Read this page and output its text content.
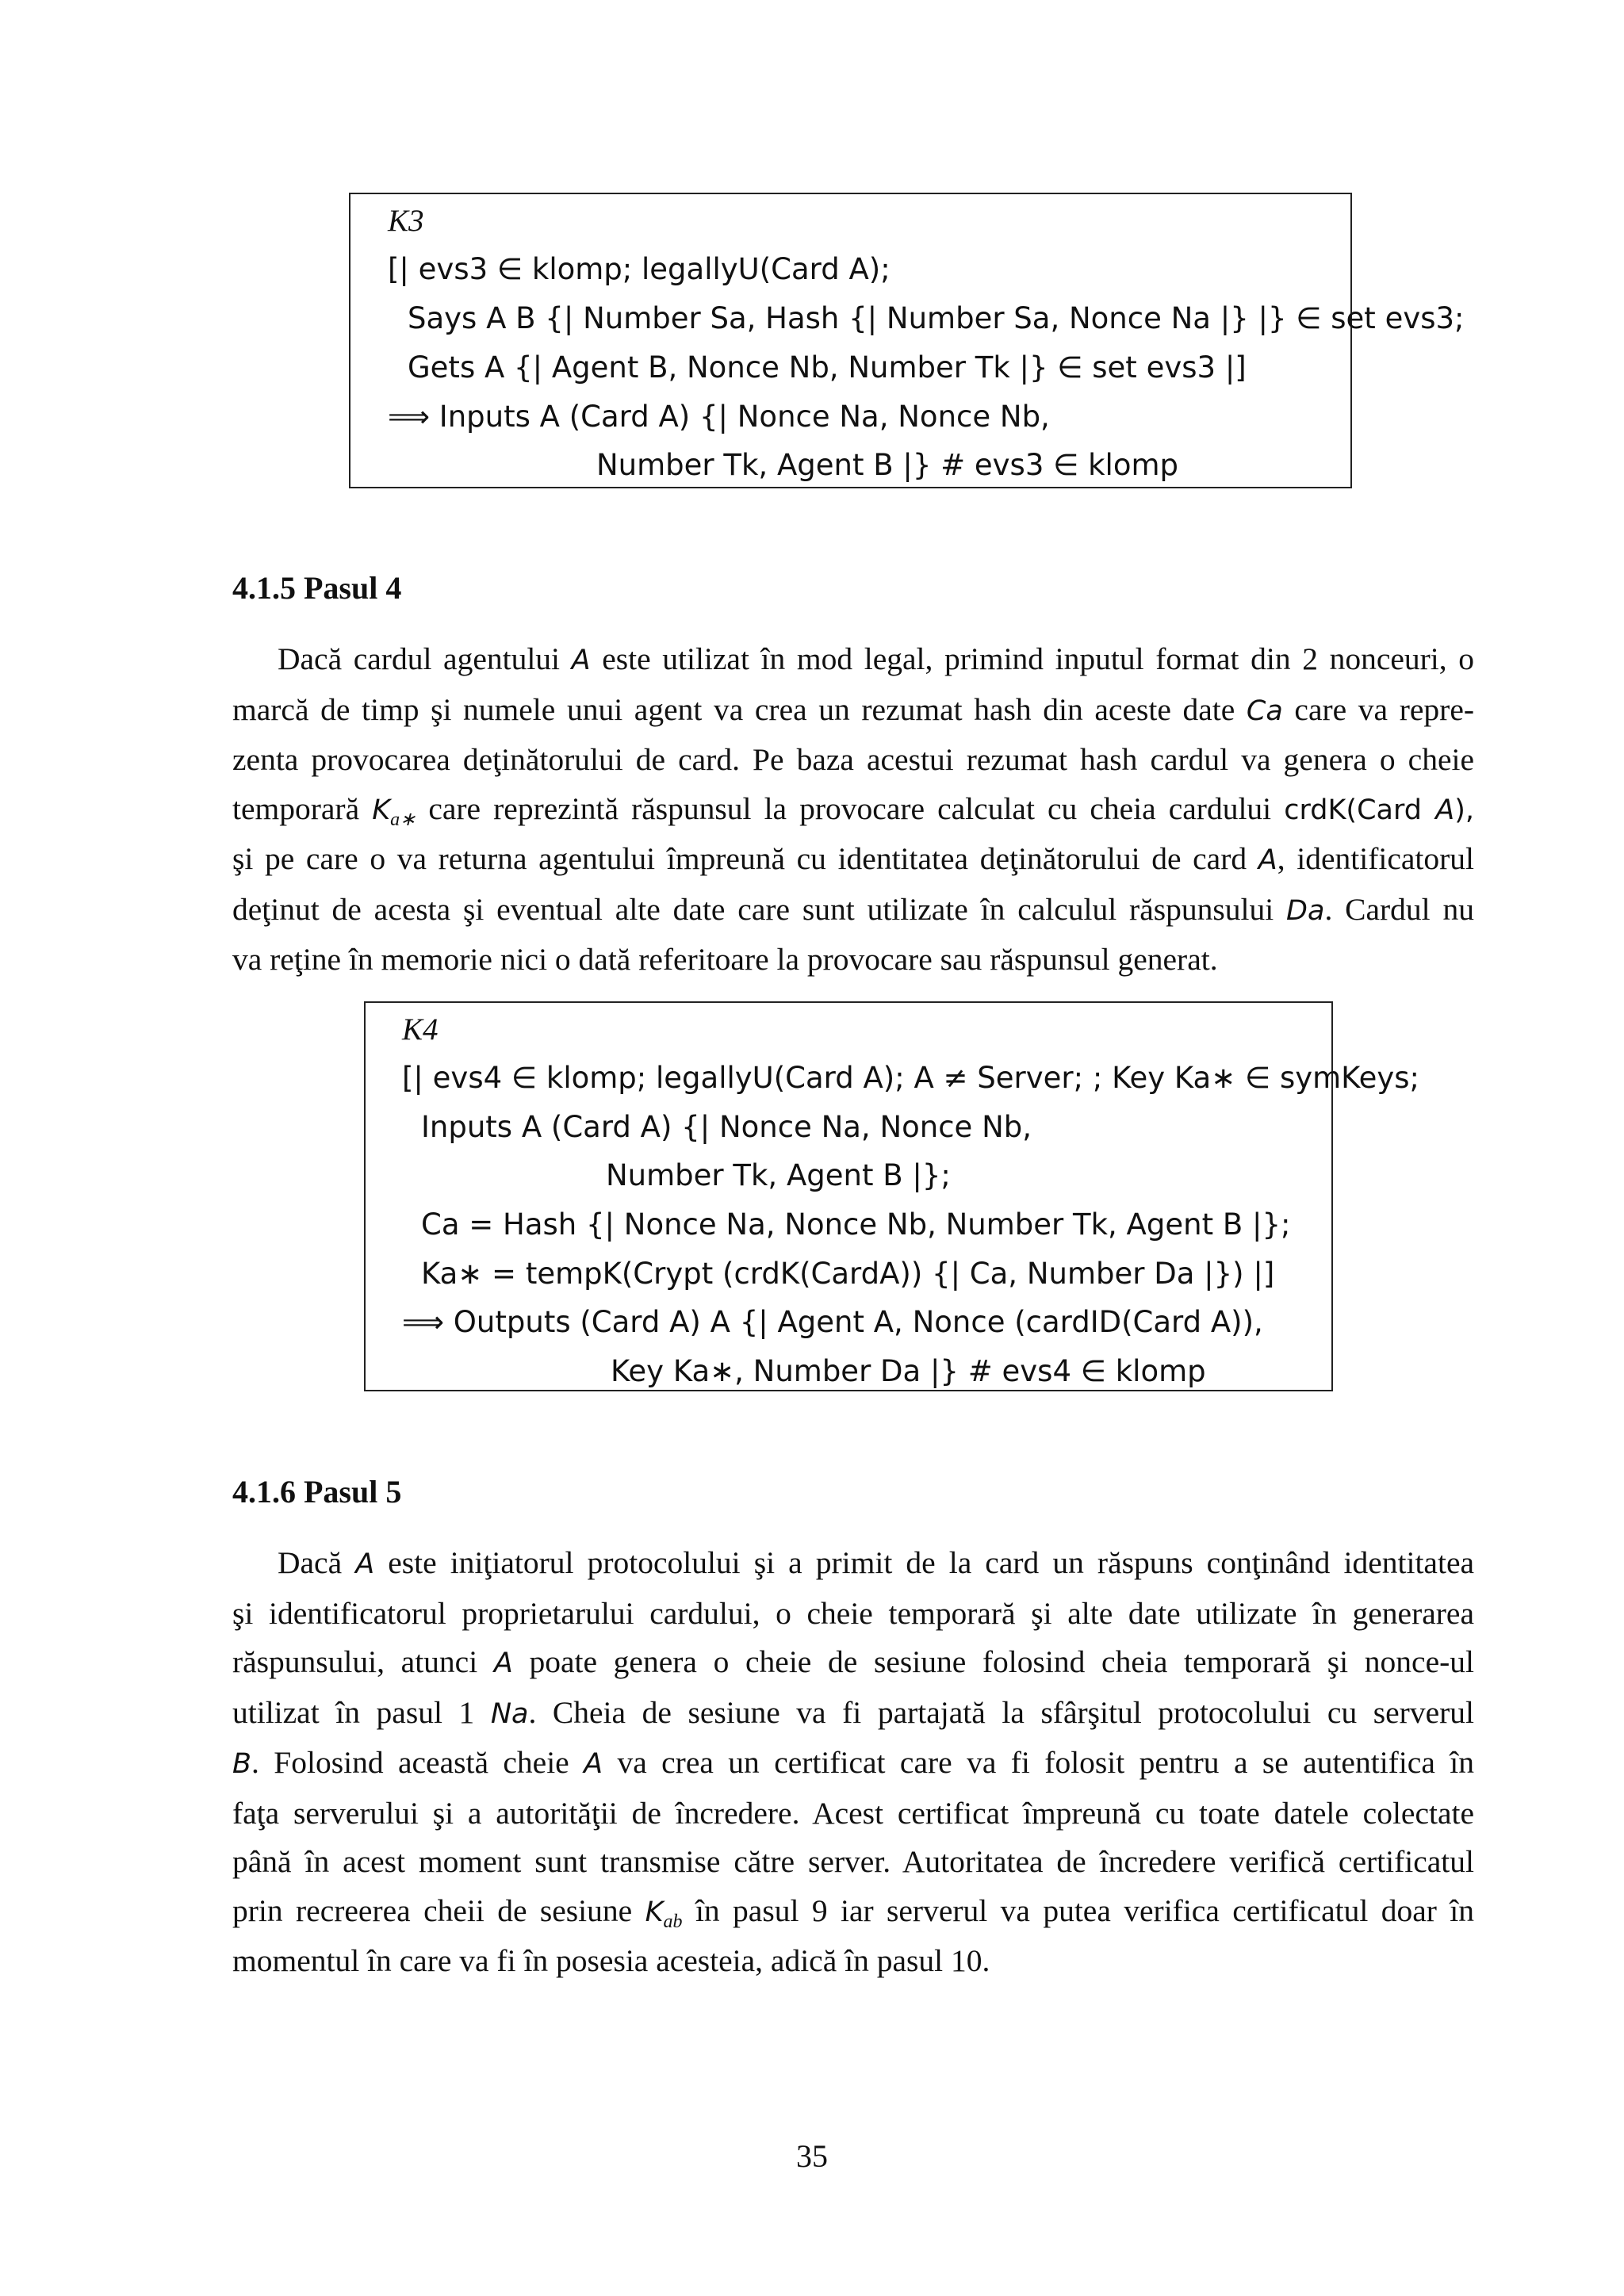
K3
[| evs3 ∈ klomp; legallyU(Card A);
Says A B {| Number Sa, Hash {| Number Sa, Nonce Na |} |} ∈ set evs3;
Gets A {| Agent B, Nonce Nb, Number Tk |} ∈ set evs3 |]
⟹ Inputs A (Card A) {| Nonce Na, Nonce Nb,
Number Tk, Agent B |} # evs3 ∈ klomp
4.1.5 Pasul 4
Dacă cardul agentului A este utilizat în mod legal, primind inputul format din 2 nonceuri, o
marcă de timp şi numele unui agent va crea un rezumat hash din aceste date Ca care va repre-
zenta provocarea deţinătorului de card. Pe baza acestui rezumat hash cardul va genera o cheie
temporară $K_{a∗}$ care reprezintă răspunsul la provocare calculat cu cheia cardului crdK(Card A),
şi pe care o va returna agentului împreună cu identitatea deţinătorului de card A, identificatorul
deţinut de acesta şi eventual alte date care sunt utilizate în calculul răspunsului Da. Cardul nu
va reţine în memorie nici o dată referitoare la provocare sau răspunsul generat.
K4
[| evs4 ∈ klomp; legallyU(Card A); A ≠ Server; ; Key Ka∗ ∈ symKeys;
Inputs A (Card A) {| Nonce Na, Nonce Nb,
Number Tk, Agent B |};
Ca = Hash {| Nonce Na, Nonce Nb, Number Tk, Agent B |};
Ka∗ = tempK(Crypt (crdK(CardA)) {| Ca, Number Da |}) |]
⟹ Outputs (Card A) A {| Agent A, Nonce (cardID(Card A)),
Key Ka∗, Number Da |} # evs4 ∈ klomp
4.1.6 Pasul 5
Dacă A este iniţiatorul protocolului şi a primit de la card un răspuns conţinând identitatea
şi identificatorul proprietarului cardului, o cheie temporară şi alte date utilizate în generarea
răspunsului, atunci A poate genera o cheie de sesiune folosind cheia temporară şi nonce-ul
utilizat în pasul 1 Na. Cheia de sesiune va fi partajată la sfârşitul protocolului cu serverul
B. Folosind această cheie A va crea un certificat care va fi folosit pentru a se autentifica în
faţa serverului şi a autorităţii de încredere. Acest certificat împreună cu toate datele colectate
până în acest moment sunt transmise către server. Autoritatea de încredere verifică certificatul
prin recreerea cheii de sesiune $K_{ab}$ în pasul 9 iar serverul va putea verifica certificatul doar în
momentul în care va fi în posesia acesteia, adică în pasul 10.
35
